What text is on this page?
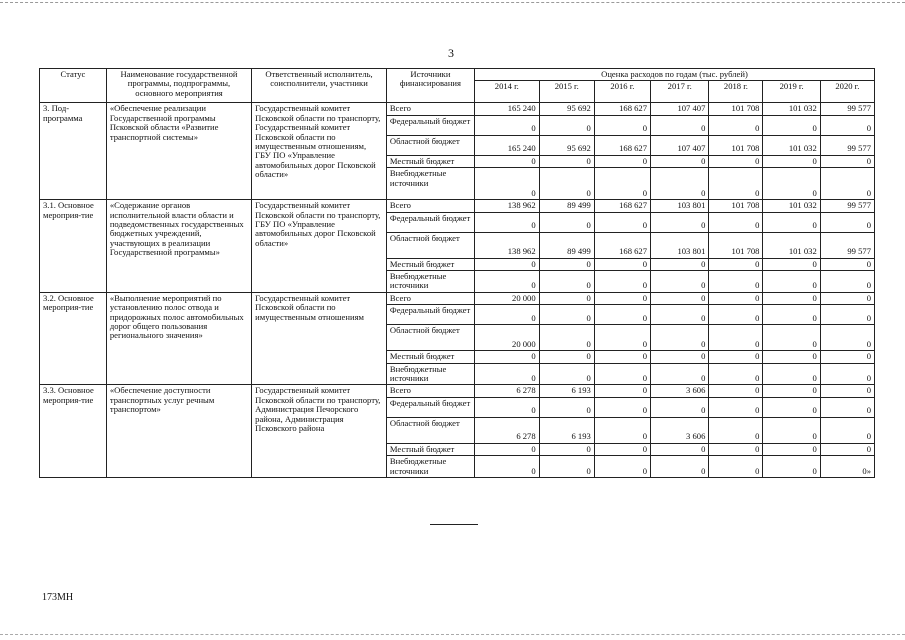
3
Статус	Наименование государственной программы, подпрограммы, основного мероприятия	Ответственный исполнитель, соисполнители, участники	Источники финансирования	Оценка расходов по годам (тыс. рублей)						
				2014 г.	2015 г.	2016 г.	2017 г.	2018 г.	2019 г.	2020 г.
3. Под-программа	«Обеспечение реализации Государственной программы Псковской области «Развитие транспортной системы»	Государственный комитет Псковской области по транспорту, Государственный комитет Псковской области по имущественным отношениям, ГБУ ПО «Управление автомобильных дорог Псковской области»	Всего	165 240	95 692	168 627	107 407	101 708	101 032	99 577
			Федеральный бюджет	0	0	0	0	0	0	0
			Областной бюджет	165 240	95 692	168 627	107 407	101 708	101 032	99 577
			Местный бюджет	0	0	0	0	0	0	0
			Внебюджетные источники	0	0	0	0	0	0	0
3.1. Основное мероприя-тие	«Содержание органов исполнительной власти области и подведомственных государственных бюджетных учреждений, участвующих в реализации Государственной программы»	Государственный комитет Псковской области по транспорту, ГБУ ПО «Управление автомобильных дорог Псковской области»	Всего	138 962	89 499	168 627	103 801	101 708	101 032	99 577
			Федеральный бюджет	0	0	0	0	0	0	0
			Областной бюджет	138 962	89 499	168 627	103 801	101 708	101 032	99 577
			Местный бюджет	0	0	0	0	0	0	0
			Внебюджетные источники	0	0	0	0	0	0	0
3.2. Основное мероприя-тие	«Выполнение мероприятий по установлению полос отвода и придорожных полос автомобильных дорог общего пользования регионального значения»	Государственный комитет Псковской области по имущественным отношениям	Всего	20 000	0	0	0	0	0	0
			Федеральный бюджет	0	0	0	0	0	0	0
			Областной бюджет	20 000	0	0	0	0	0	0
			Местный бюджет	0	0	0	0	0	0	0
			Внебюджетные источники	0	0	0	0	0	0	0
3.3. Основное мероприя-тие	«Обеспечение доступности транспортных услуг речным транспортом»	Государственный комитет Псковской области по транспорту, Администрация Печорского района, Администрация Псковского района	Всего	6 278	6 193	0	3 606	0	0	0
			Федеральный бюджет	0	0	0	0	0	0	0
			Областной бюджет	6 278	6 193	0	3 606	0	0	0
			Местный бюджет	0	0	0	0	0	0	0
			Внебюджетные источники	0	0	0	0	0	0	0»
173МН
